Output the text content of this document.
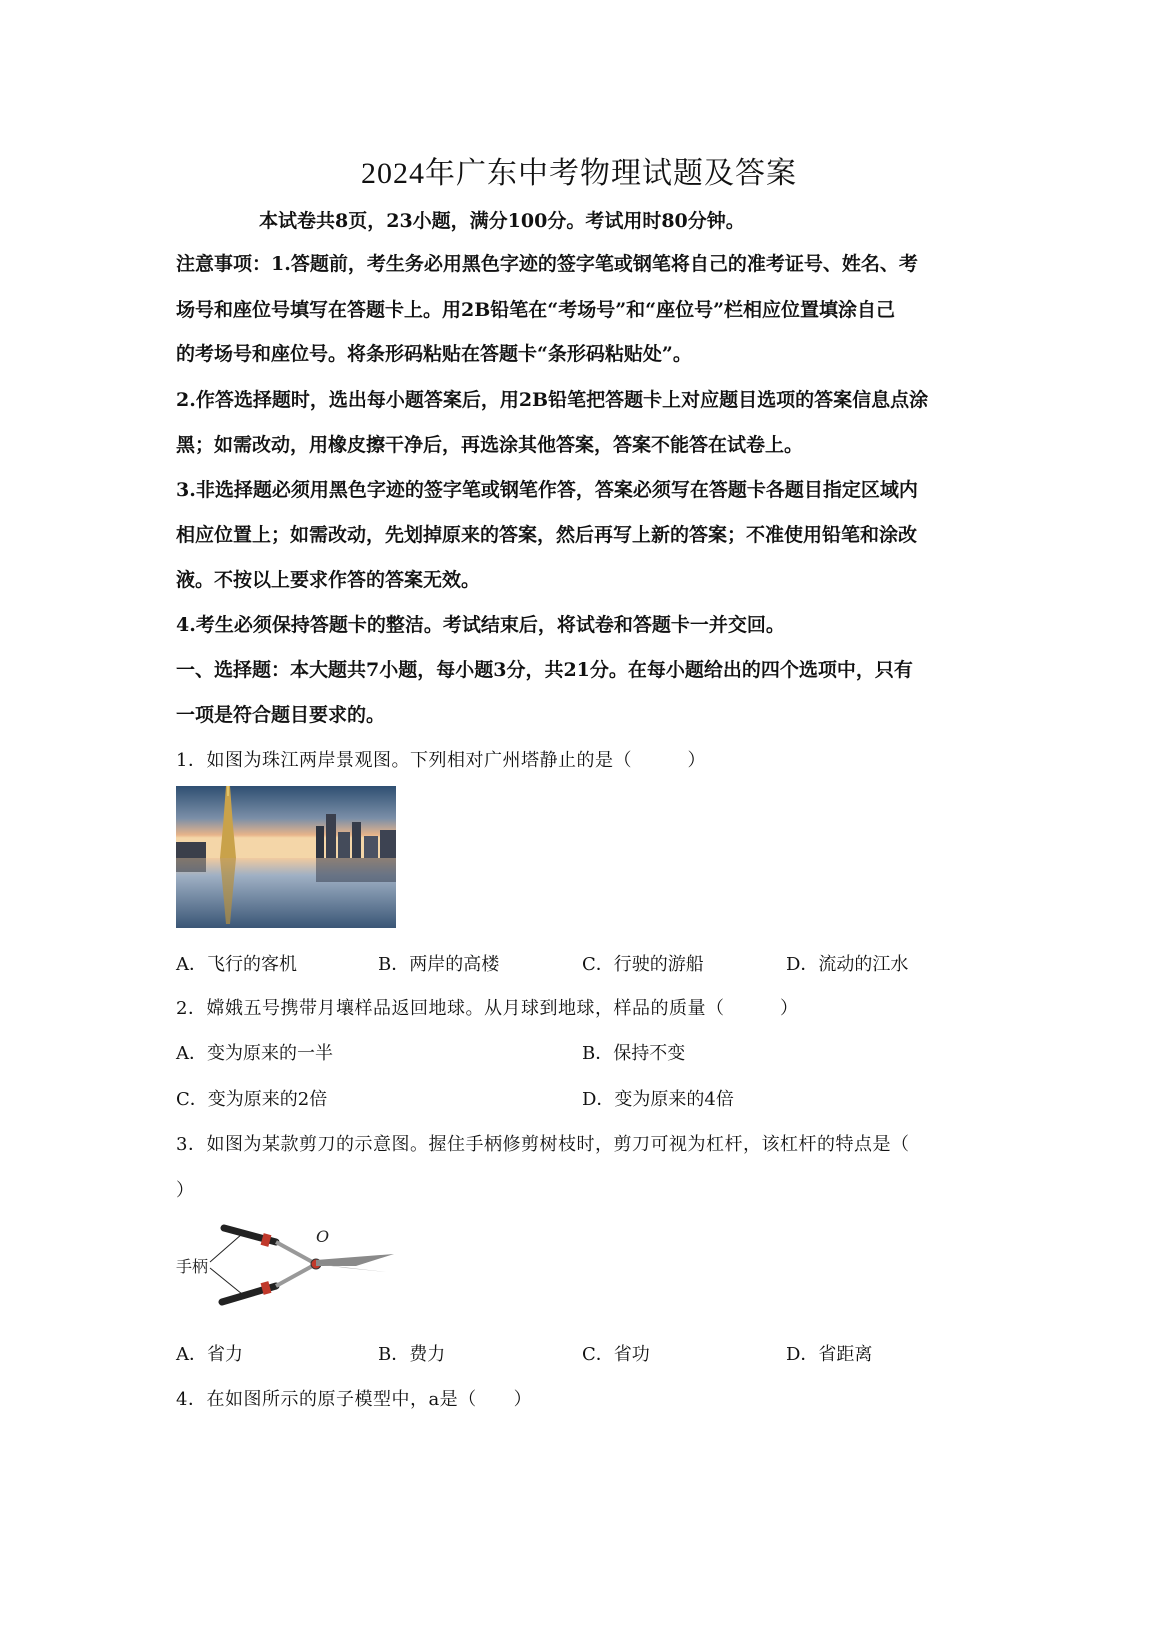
2024年广东中考物理试题及答案
本试卷共8页，23小题，满分100分。考试用时80分钟。
注意事项：1.答题前，考生务必用黑色字迹的签字笔或钢笔将自己的准考证号、姓名、考
场号和座位号填写在答题卡上。用2B铅笔在“考场号”和“座位号”栏相应位置填涂自己
的考场号和座位号。将条形码粘贴在答题卡“条形码粘贴处”。
2.作答选择题时，选出每小题答案后，用2B铅笔把答题卡上对应题目选项的答案信息点涂
黑；如需改动，用橡皮擦干净后，再选涂其他答案，答案不能答在试卷上。
3.非选择题必须用黑色字迹的签字笔或钢笔作答，答案必须写在答题卡各题目指定区域内
相应位置上；如需改动，先划掉原来的答案，然后再写上新的答案；不准使用铅笔和涂改
液。不按以上要求作答的答案无效。
4.考生必须保持答题卡的整洁。考试结束后，将试卷和答题卡一并交回。
一、选择题：本大题共7小题，每小题3分，共21分。在每小题给出的四个选项中，只有
一项是符合题目要求的。
1．如图为珠江两岸景观图。下列相对广州塔静止的是（　　　）
A．飞行的客机	B．两岸的高楼	C．行驶的游船	D．流动的江水
2．嫦娥五号携带月壤样品返回地球。从月球到地球，样品的质量（　　　）
A．变为原来的一半	B．保持不变
C．变为原来的2倍	D．变为原来的4倍
3．如图为某款剪刀的示意图。握住手柄修剪树枝时，剪刀可视为杠杆，该杠杆的特点是（
）
O
手柄
A．省力	B．费力	C．省功	D．省距离
4．在如图所示的原子模型中，a是（　　）
